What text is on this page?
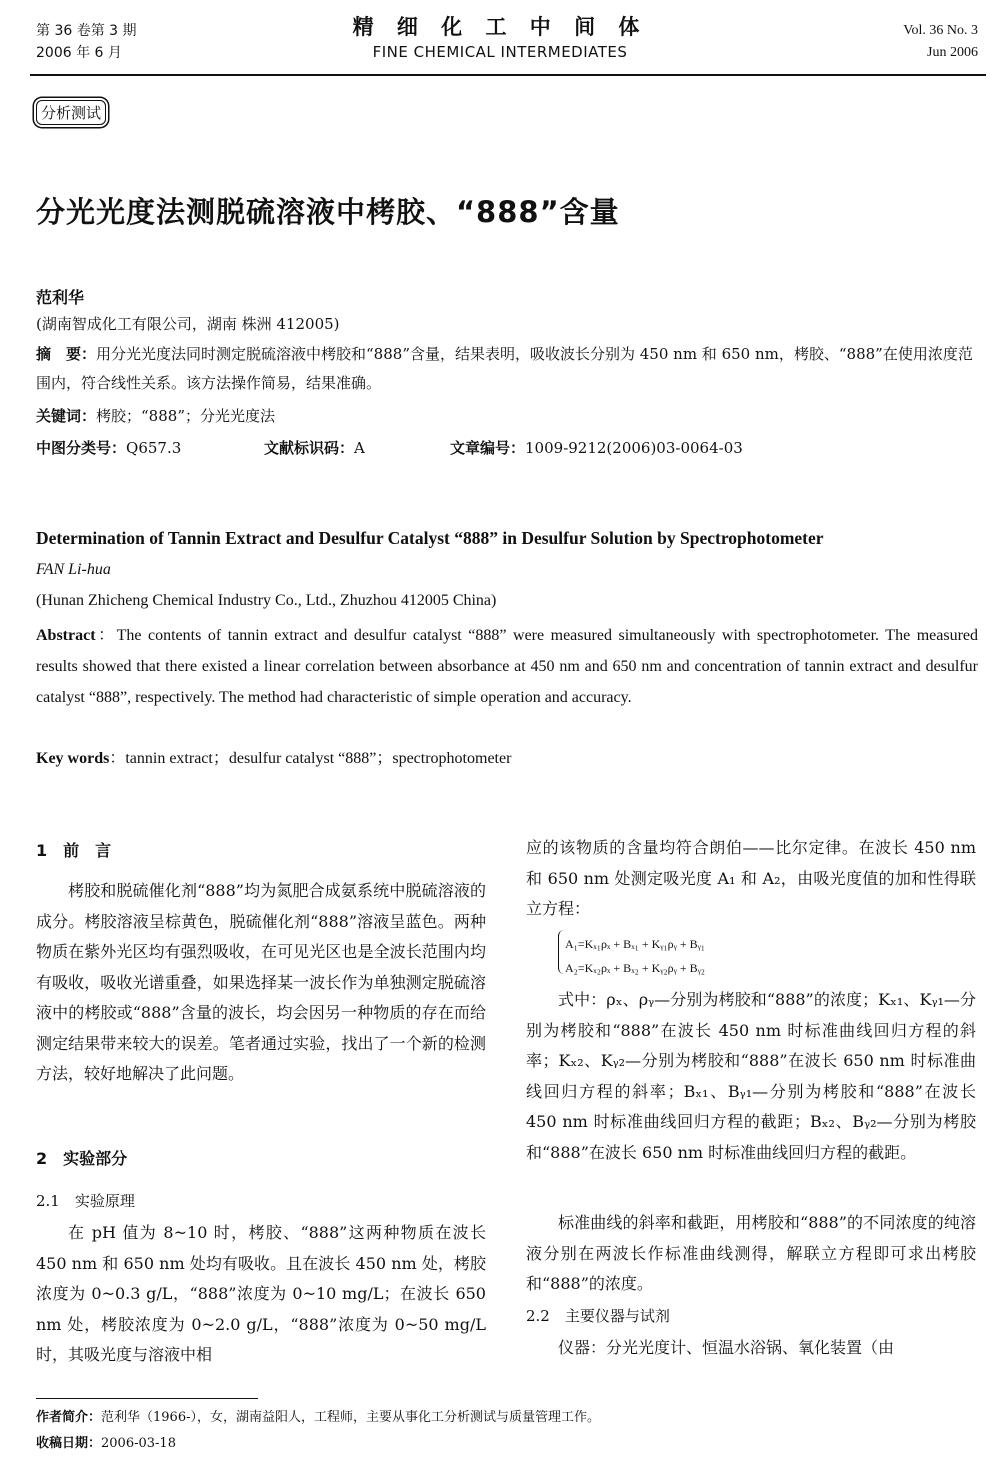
第 36 卷第 3 期
2006 年 6 月
精 细 化 工 中 间 体
FINE CHEMICAL INTERMEDIATES
Vol. 36 No. 3
Jun 2006
分析测试
分光光度法测脱硫溶液中栲胶、“888”含量
范利华
(湖南智成化工有限公司，湖南 株洲 412005)
摘　要：用分光光度法同时测定脱硫溶液中栲胶和“888”含量，结果表明，吸收波长分别为 450 nm 和 650 nm，栲胶、“888”在使用浓度范围内，符合线性关系。该方法操作简易，结果准确。
关键词：栲胶；“888”；分光光度法
中图分类号：Q657.3	文献标识码：A	文章编号：1009-9212(2006)03-0064-03
Determination of Tannin Extract and Desulfur Catalyst “888” in Desulfur Solution by Spectrophotometer
FAN Li-hua
(Hunan Zhicheng Chemical Industry Co., Ltd., Zhuzhou 412005 China)
Abstract：The contents of tannin extract and desulfur catalyst “888” were measured simultaneously with spectrophotometer. The measured results showed that there existed a linear correlation between absorbance at 450 nm and 650 nm and concentration of tannin extract and desulfur catalyst “888”, respectively. The method had characteristic of simple operation and accuracy.
Key words：tannin extract；desulfur catalyst “888”；spectrophotometer
1　前　言
栲胶和脱硫催化剂“888”均为氮肥合成氨系统中脱硫溶液的成分。栲胶溶液呈棕黄色，脱硫催化剂“888”溶液呈蓝色。两种物质在紫外光区均有强烈吸收，在可见光区也是全波长范围内均有吸收，吸收光谱重叠，如果选择某一波长作为单独测定脱硫溶液中的栲胶或“888”含量的波长，均会因另一种物质的存在而给测定结果带来较大的误差。笔者通过实验，找出了一个新的检测方法，较好地解决了此问题。
2　实验部分
2.1　实验原理
在 pH 值为 8~10 时，栲胶、“888”这两种物质在波长 450 nm 和 650 nm 处均有吸收。且在波长 450 nm 处，栲胶浓度为 0~0.3 g/L，“888”浓度为 0~10 mg/L；在波长 650 nm 处，栲胶浓度为 0~2.0 g/L，“888”浓度为 0~50 mg/L 时，其吸光度与溶液中相
应的该物质的含量均符合朗伯——比尔定律。在波长 450 nm 和 650 nm 处测定吸光度 A₁ 和 A₂，由吸光度值的加和性得联立方程：
A₁=Kₓ₁ρₓ + Bₓ₁ + Kᵧ₁ρᵧ + Bᵧ₁
A₂=Kₓ₂ρₓ + Bₓ₂ + Kᵧ₂ρᵧ + Bᵧ₂
式中：ρₓ、ρᵧ—分别为栲胶和“888”的浓度；Kₓ₁、Kᵧ₁—分别为栲胶和“888”在波长 450 nm 时标准曲线回归方程的斜率；Kₓ₂、Kᵧ₂—分别为栲胶和“888”在波长 650 nm 时标准曲线回归方程的斜率；Bₓ₁、Bᵧ₁—分别为栲胶和“888”在波长 450 nm 时标准曲线回归方程的截距；Bₓ₂、Bᵧ₂—分别为栲胶和“888”在波长 650 nm 时标准曲线回归方程的截距。
标准曲线的斜率和截距，用栲胶和“888”的不同浓度的纯溶液分别在两波长作标准曲线测得，解联立方程即可求出栲胶和“888”的浓度。
2.2　主要仪器与试剂
仪器：分光光度计、恒温水浴锅、氧化装置（由
作者简介：范利华（1966-），女，湖南益阳人，工程师，主要从事化工分析测试与质量管理工作。
收稿日期：2006-03-18
